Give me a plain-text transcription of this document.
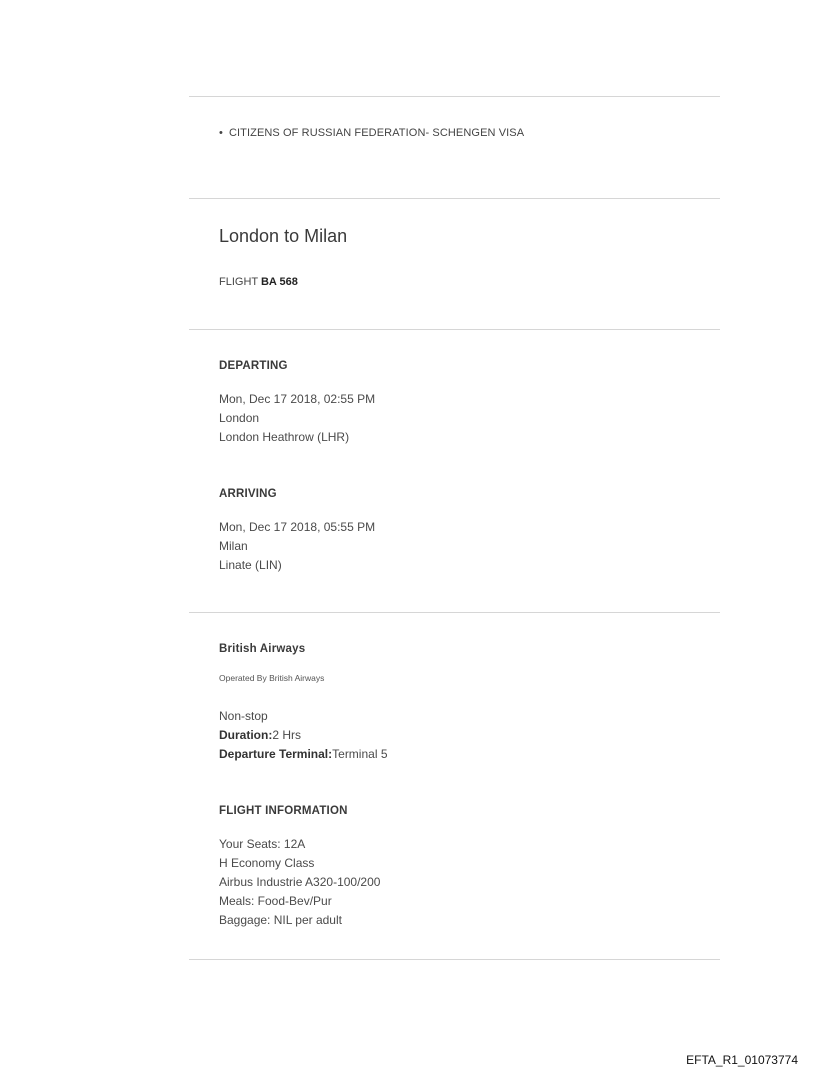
• CITIZENS OF RUSSIAN FEDERATION- SCHENGEN VISA
London to Milan
FLIGHT BA 568
DEPARTING
Mon, Dec 17 2018, 02:55 PM
London
London Heathrow (LHR)
ARRIVING
Mon, Dec 17 2018, 05:55 PM
Milan
Linate (LIN)
British Airways
Operated By British Airways
Non-stop
Duration:2 Hrs
Departure Terminal:Terminal 5
FLIGHT INFORMATION
Your Seats: 12A
H Economy Class
Airbus Industrie A320-100/200
Meals: Food-Bev/Pur
Baggage: NIL per adult
EFTA_R1_01073774
